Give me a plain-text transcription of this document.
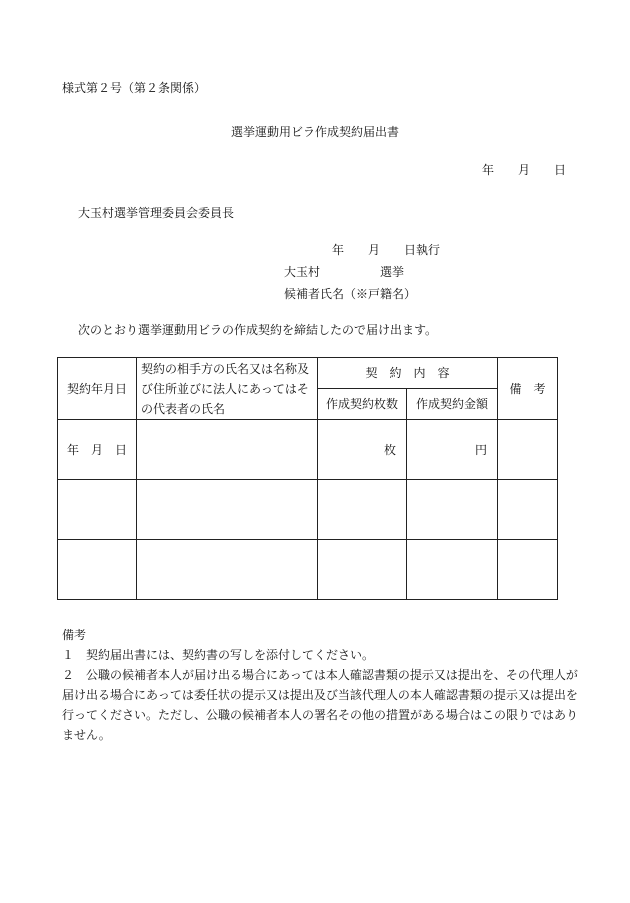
様式第２号（第２条関係）
選挙運動用ビラ作成契約届出書
年　　月　　日
大玉村選挙管理委員会委員長
年　　月　　日執行
大玉村　　　　　選挙
候補者氏名（※戸籍名）
次のとおり選挙運動用ビラの作成契約を締結したので届け出ます。
契約年月日	契約の相手方の氏名又は名称及び住所並びに法人にあってはその代表者の氏名	契　約　内　容		備　考
		作成契約枚数	作成契約金額	
年　月　日		枚	円	

備考

１　契約届出書には、契約書の写しを添付してください。

２　公職の候補者本人が届け出る場合にあっては本人確認書類の提示又は提出を、その代理人が届け出る場合にあっては委任状の提示又は提出及び当該代理人の本人確認書類の提示又は提出を行ってください。ただし、公職の候補者本人の署名その他の措置がある場合はこの限りではありません。
